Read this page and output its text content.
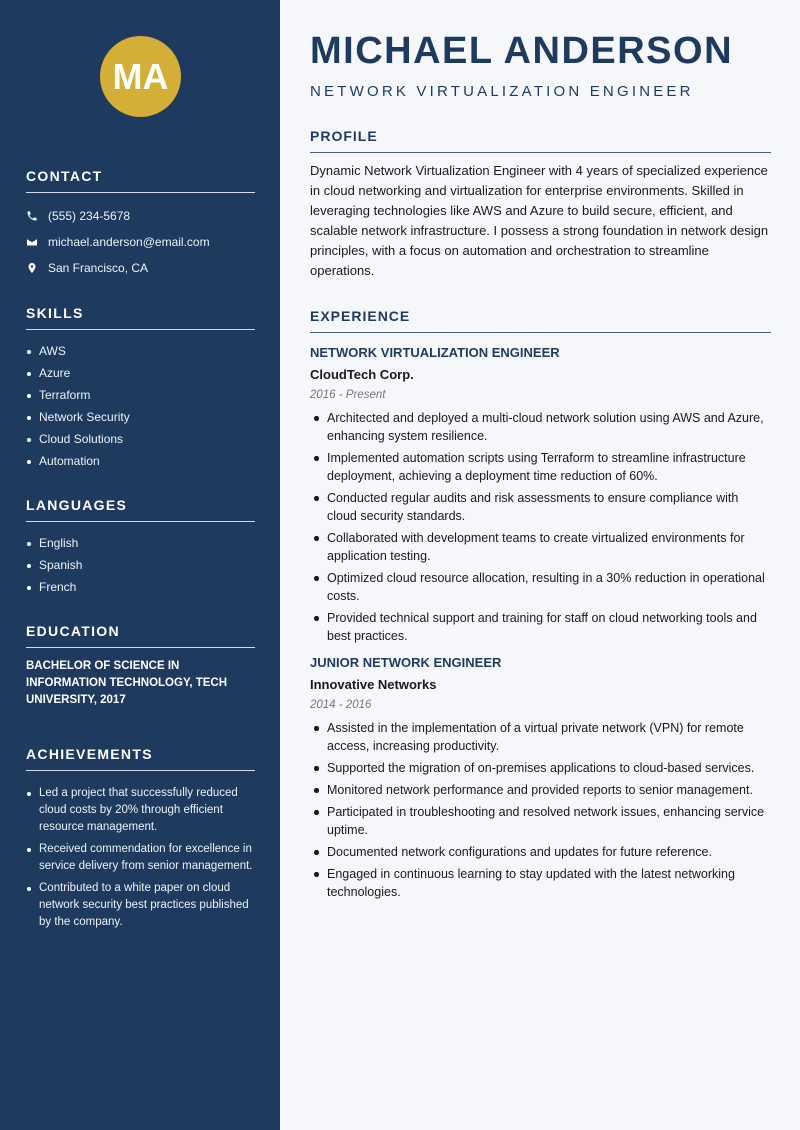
MA
CONTACT
(555) 234-5678
michael.anderson@email.com
San Francisco, CA
SKILLS
AWS
Azure
Terraform
Network Security
Cloud Solutions
Automation
LANGUAGES
English
Spanish
French
EDUCATION
BACHELOR OF SCIENCE IN INFORMATION TECHNOLOGY, TECH UNIVERSITY, 2017
ACHIEVEMENTS
Led a project that successfully reduced cloud costs by 20% through efficient resource management.
Received commendation for excellence in service delivery from senior management.
Contributed to a white paper on cloud network security best practices published by the company.
MICHAEL ANDERSON
NETWORK VIRTUALIZATION ENGINEER
PROFILE
Dynamic Network Virtualization Engineer with 4 years of specialized experience in cloud networking and virtualization for enterprise environments. Skilled in leveraging technologies like AWS and Azure to build secure, efficient, and scalable network infrastructure. I possess a strong foundation in network design principles, with a focus on automation and orchestration to streamline operations.
EXPERIENCE
NETWORK VIRTUALIZATION ENGINEER
CloudTech Corp.
2016 - Present
Architected and deployed a multi-cloud network solution using AWS and Azure, enhancing system resilience.
Implemented automation scripts using Terraform to streamline infrastructure deployment, achieving a deployment time reduction of 60%.
Conducted regular audits and risk assessments to ensure compliance with cloud security standards.
Collaborated with development teams to create virtualized environments for application testing.
Optimized cloud resource allocation, resulting in a 30% reduction in operational costs.
Provided technical support and training for staff on cloud networking tools and best practices.
JUNIOR NETWORK ENGINEER
Innovative Networks
2014 - 2016
Assisted in the implementation of a virtual private network (VPN) for remote access, increasing productivity.
Supported the migration of on-premises applications to cloud-based services.
Monitored network performance and provided reports to senior management.
Participated in troubleshooting and resolved network issues, enhancing service uptime.
Documented network configurations and updates for future reference.
Engaged in continuous learning to stay updated with the latest networking technologies.
